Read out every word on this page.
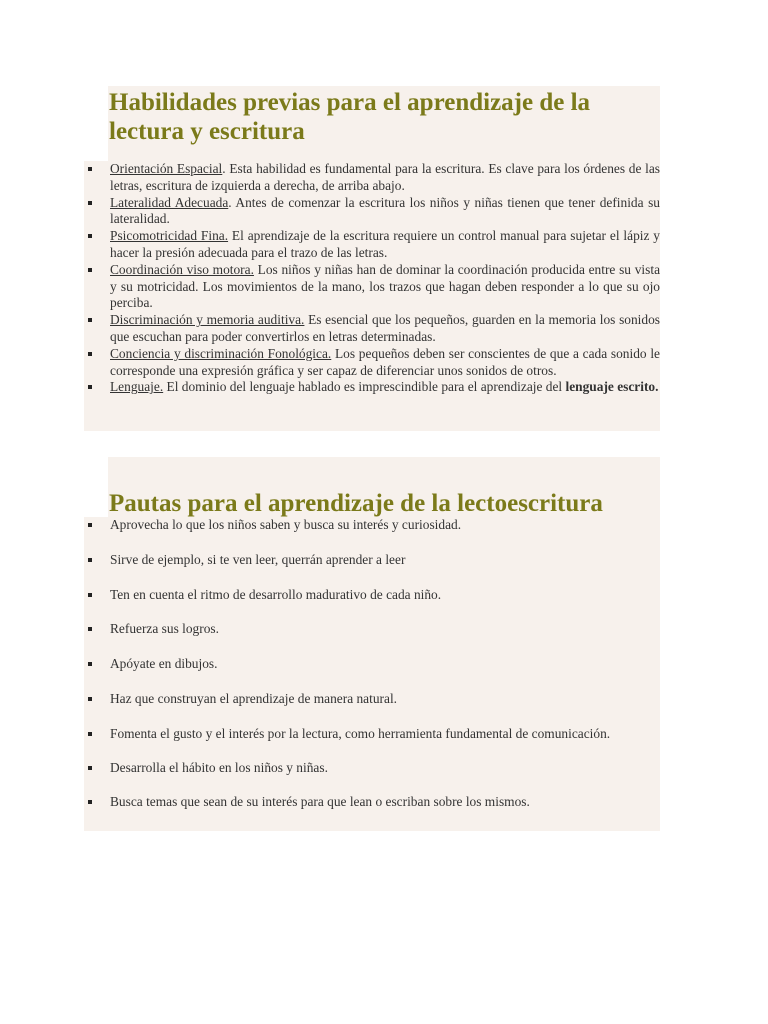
Habilidades previas para el aprendizaje de la lectura y escritura
Orientación Espacial. Esta habilidad es fundamental para la escritura. Es clave para los órdenes de las letras, escritura de izquierda a derecha, de arriba abajo.
Lateralidad Adecuada. Antes de comenzar la escritura los niños y niñas tienen que tener definida su lateralidad.
Psicomotricidad Fina. El aprendizaje de la escritura requiere un control manual para sujetar el lápiz y hacer la presión adecuada para el trazo de las letras.
Coordinación viso motora. Los niños y niñas han de dominar la coordinación producida entre su vista y su motricidad. Los movimientos de la mano, los trazos que hagan deben responder a lo que su ojo perciba.
Discriminación y memoria auditiva. Es esencial que los pequeños, guarden en la memoria los sonidos que escuchan para poder convertirlos en letras determinadas.
Conciencia y discriminación Fonológica. Los pequeños deben ser conscientes de que a cada sonido le corresponde una expresión gráfica y ser capaz de diferenciar unos sonidos de otros.
Lenguaje. El dominio del lenguaje hablado es imprescindible para el aprendizaje del lenguaje escrito.
Pautas para el aprendizaje de la lectoescritura
Aprovecha lo que los niños saben y busca su interés y curiosidad.
Sirve de ejemplo, si te ven leer, querrán aprender a leer
Ten en cuenta el ritmo de desarrollo madurativo de cada niño.
Refuerza sus logros.
Apóyate en dibujos.
Haz que construyan el aprendizaje de manera natural.
Fomenta el gusto y el interés por la lectura, como herramienta fundamental de comunicación.
Desarrolla el hábito en los niños y niñas.
Busca temas que sean de su interés para que lean o escriban sobre los mismos.
